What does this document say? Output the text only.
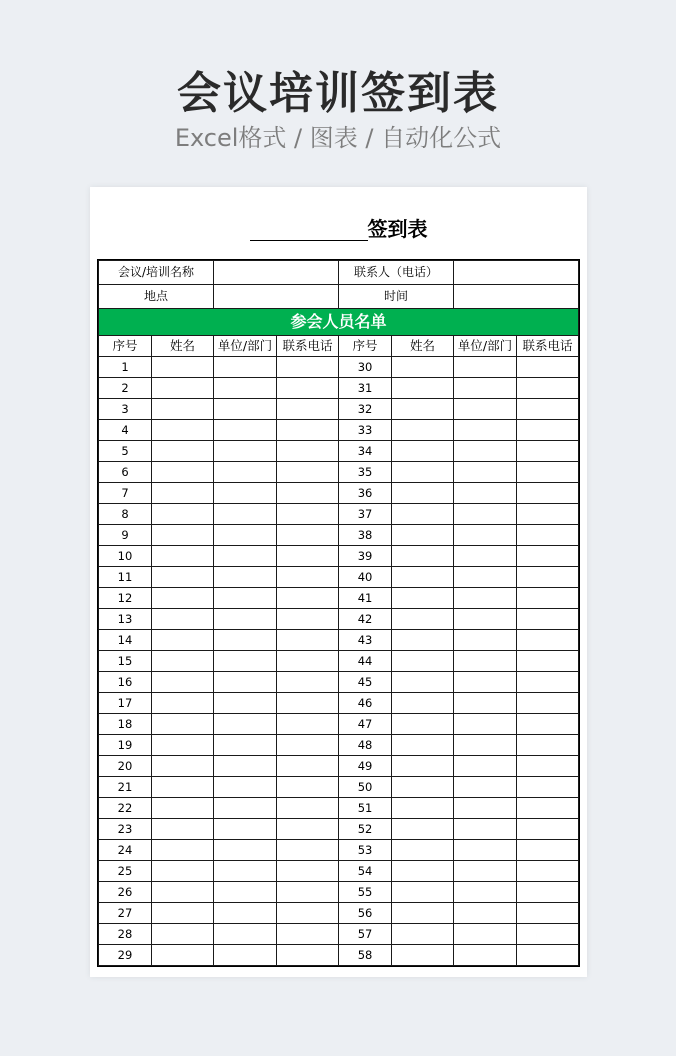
会议培训签到表
Excel格式 / 图表 / 自动化公式
签到表
会议/培训名称				联系人（电话）			
地点				时间			
参会人员名单							
序号	姓名	单位/部门	联系电话	序号	姓名	单位/部门	联系电话
1				30			
2				31			
3				32			
4				33			
5				34			
6				35			
7				36			
8				37			
9				38			
10				39			
11				40			
12				41			
13				42			
14				43			
15				44			
16				45			
17				46			
18				47			
19				48			
20				49			
21				50			
22				51			
23				52			
24				53			
25				54			
26				55			
27				56			
28				57			
29				58			
